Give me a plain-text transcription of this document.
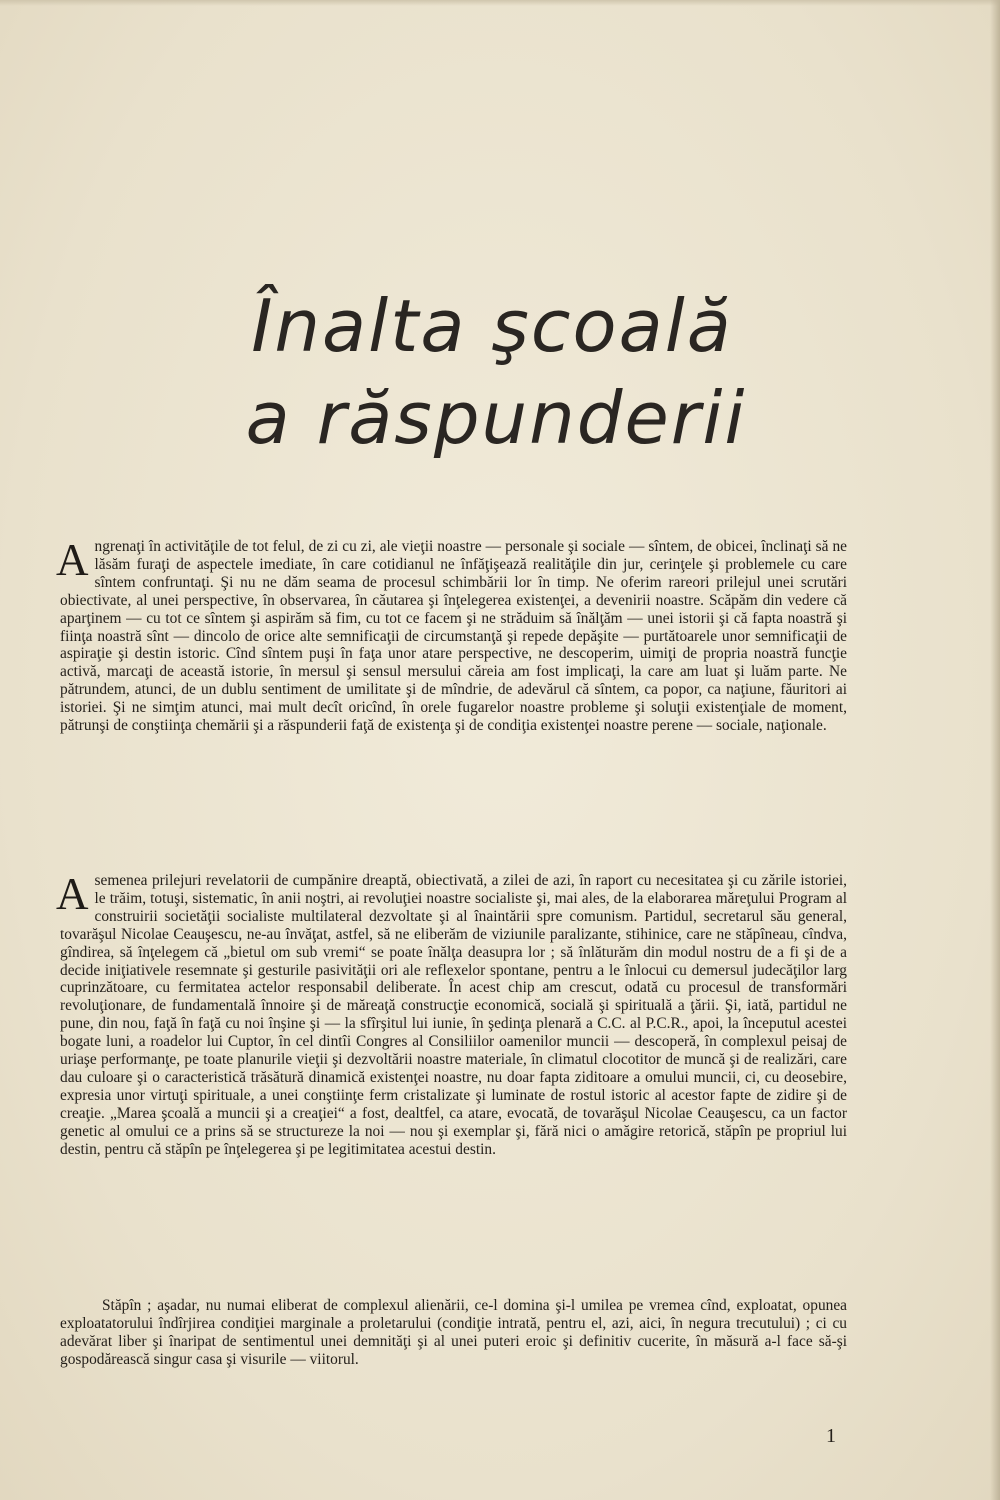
Înalta şcoală
a răspunderii

Angrenaţi în activităţile de tot felul, de zi cu zi, ale vieţii noastre — personale şi sociale — sîntem, de obicei, înclinaţi să ne lăsăm furaţi de aspectele imediate, în care cotidianul ne înfăţişează realităţile din jur, cerinţele şi problemele cu care sîntem confruntaţi. Şi nu ne dăm seama de procesul schimbării lor în timp. Ne oferim rareori prilejul unei scrutări obiectivate, al unei perspective, în observarea, în căutarea şi înţelegerea existenţei, a devenirii noastre. Scăpăm din vedere că aparţinem — cu tot ce sîntem şi aspirăm să fim, cu tot ce facem şi ne străduim să înălţăm — unei istorii şi că fapta noastră şi fiinţa noastră sînt — dincolo de orice alte semnificaţii de circumstanţă şi repede depăşite — purtătoarele unor semnificaţii de aspiraţie şi destin istoric. Cînd sîntem puşi în faţa unor atare perspective, ne descoperim, uimiţi de propria noastră funcţie activă, marcaţi de această istorie, în mersul şi sensul mersului căreia am fost implicaţi, la care am luat şi luăm parte. Ne pătrundem, atunci, de un dublu sentiment de umilitate şi de mîndrie, de adevărul că sîntem, ca popor, ca naţiune, făuritori ai istoriei. Şi ne simţim atunci, mai mult decît oricînd, în orele fugarelor noastre probleme şi soluţii existenţiale de moment, pătrunşi de conştiinţa chemării şi a răspunderii faţă de existenţa şi de condiţia existenţei noastre perene — sociale, naţionale.

Asemenea prilejuri revelatorii de cumpănire dreaptă, obiectivată, a zilei de azi, în raport cu necesitatea şi cu zările istoriei, le trăim, totuşi, sistematic, în anii noştri, ai revoluţiei noastre socialiste şi, mai ales, de la elaborarea măreţului Program al construirii societăţii socialiste multilateral dezvoltate şi al înaintării spre comunism. Partidul, secretarul său general, tovarăşul Nicolae Ceauşescu, ne-au învăţat, astfel, să ne eliberăm de viziunile paralizante, stihinice, care ne stăpîneau, cîndva, gîndirea, să înţelegem că „bietul om sub vremi“ se poate înălţa deasupra lor ; să înlăturăm din modul nostru de a fi şi de a decide iniţiativele resemnate şi gesturile pasivităţii ori ale reflexelor spontane, pentru a le înlocui cu demersul judecăţilor larg cuprinzătoare, cu fermitatea actelor responsabil deliberate. În acest chip am crescut, odată cu procesul de transformări revoluţionare, de fundamentală înnoire şi de măreaţă construcţie economică, socială şi spirituală a ţării. Şi, iată, partidul ne pune, din nou, faţă în faţă cu noi înşine şi — la sfîrşitul lui iunie, în şedinţa plenară a C.C. al P.C.R., apoi, la începutul acestei bogate luni, a roadelor lui Cuptor, în cel dintîi Congres al Consiliilor oamenilor muncii — descoperă, în complexul peisaj de uriaşe performanţe, pe toate planurile vieţii şi dezvoltării noastre materiale, în climatul clocotitor de muncă şi de realizări, care dau culoare şi o caracteristică trăsătură dinamică existenţei noastre, nu doar fapta ziditoare a omului muncii, ci, cu deosebire, expresia unor virtuţi spirituale, a unei conştiinţe ferm cristalizate şi luminate de rostul istoric al acestor fapte de zidire şi de creaţie. „Marea şcoală a muncii şi a creaţiei“ a fost, dealtfel, ca atare, evocată, de tovarăşul Nicolae Ceauşescu, ca un factor genetic al omului ce a prins să se structureze la noi — nou şi exemplar şi, fără nici o amăgire retorică, stăpîn pe propriul lui destin, pentru că stăpîn pe înţelegerea şi pe legitimitatea acestui destin.

Stăpîn ; aşadar, nu numai eliberat de complexul alienării, ce-l domina şi-l umilea pe vremea cînd, exploatat, opunea exploatatorului îndîrjirea condiţiei marginale a proletarului (condiţie intrată, pentru el, azi, aici, în negura trecutului) ; ci cu adevărat liber şi înaripat de sentimentul unei demnităţi şi al unei puteri eroic şi definitiv cucerite, în măsură a-l face să-şi gospodărească singur casa şi visurile — viitorul.

1
